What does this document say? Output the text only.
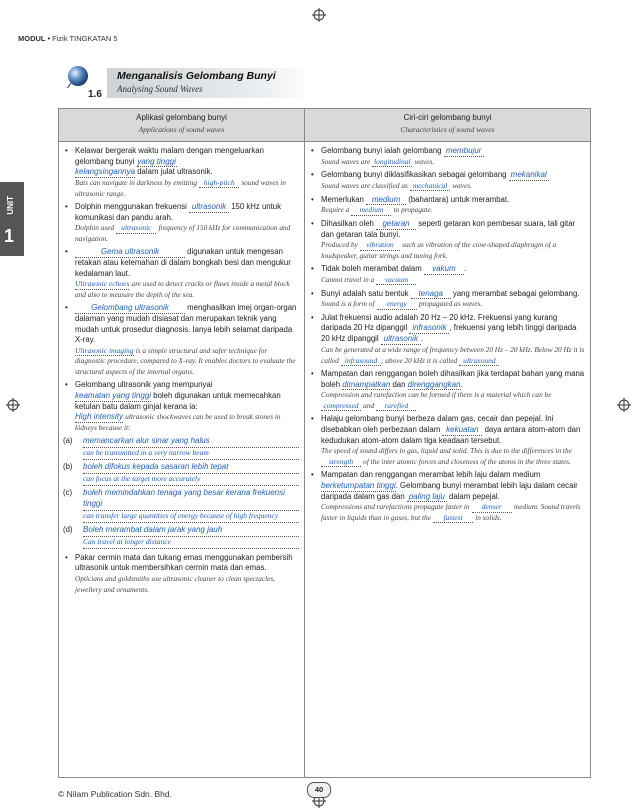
MODUL • Fizik TINGKATAN 5
1.6
Menganalisis Gelombang Bunyi
Analysing Sound Waves
UNIT
1
Aplikasi gelombang bunyi
Applications of sound waves
Ciri-ciri gelombang bunyi
Characteristics of sound waves
• Kelawar bergerak waktu malam dengan mengeluarkan gelombang bunyi yang tinggi
kelangsingannya dalam julat ultrasonik.
Bats can navigate in darkness by emitting high-pitch sound waves in ultrasonic range.
• Dolphin menggunakan frekuensi ultrasonik 150 kHz untuk komunikasi dan pandu arah.
Dolphin used ultrasonic frequency of 150 kHz for communication and navigation.
•	Gema ultrasonik	digunakan untuk mengesan retakan atau kelemahan di dalam bongkah besi dan mengukur kedalaman laut.
Ultrasonic echoes are used to detect cracks or flaws inside a metal block and also to measure the depth of the sea.
•	Gelombang ultrasonik menghasilkan imej organ-organ dalaman yang mudah disiasat dan merupakan teknik yang mudah untuk prosedur diagnosis. Ianya lebih selamat daripada X-ray.
Ultrasonic imaging is a simple structural and safer technique for diagnostic procedure, compared to X-ray. It enables doctors to evaluate the structural aspects of the internal organs.
• Gelombang ultrasonik yang mempunyai
keamatan yang tinggi boleh digunakan untuk memecahkan ketulan batu dalam ginjal kerana ia:
High intensity ultrasonic shockwaves can be used to break stones in kidneys because it:
(a) memancarkan alur sinar yang halus
can be transmitted in a very narrow beam
(b) boleh difokus kepada sasaran lebih tepat
can focus at the target more accurately
(c) boleh memindahkan tenaga yang besar kerana frekuensi tinggi
can transfer large quantities of energy because of high frequency
(d) Boleh merambat dalam jarak yang jauh
Can travel at longer distance
• Pakar cermin mata dan tukang emas menggunakan pembersih ultrasonik untuk membersihkan cermin mata dan emas.
Opticians and goldsmiths use ultrasonic cleaner to clean spectacles, jewellery and ornaments.
• Gelombang bunyi ialah gelombang membujur
Sound waves are longitudinal waves.
• Gelombang bunyi diklasifikasikan sebagai gelombang mekanikal
Sound waves are classified as mechanical waves.
• Memerlukan medium (bahantara) untuk merambat.
Require a medium to propagate.
• Dihasilkan oleh getaran seperti getaran kon pembesar suara, tali gitar dan getaran tala bunyi.
Produced by vibration such as vibration of the cone-shaped diaphragm of a loudspeaker, guitar strings and tuning fork.
• Tidak boleh merambat dalam vakum .
Cannot travel in a vacuum
• Bunyi adalah satu bentuk tenaga yang merambat sebagai gelombang.
Sound is a form of energy propagated as waves.
• Julat frekuensi audio adalah 20 Hz – 20 kHz. Frekuensi yang kurang daripada 20 Hz dipanggil infrasonik , frekuensi yang lebih tinggi daripada 20 kHz dipanggil ultrasonik .
Can be generated at a wide range of frequency between 20 Hz – 20 kHz. Below 20 Hz it is called infrasound ; above 20 kHz it is called ultrasound
• Mampatan dan renggangan boleh dihasilkan jika terdapat bahan yang mana boleh dimampatkan dan direnggangkan.
Compression and rarefaction can be formed if there is a material which can be compressed and rarefied
• Halaju gelombang bunyi berbeza dalam gas, cecair dan pepejal. Ini disebabkan oleh perbezaan dalam kekuatan daya antara atom-atom dan kedudukan atom-atom dalam tiga keadaan tersebut.
The speed of sound differs in gas, liquid and solid. This is due to the differences in the strength of the inter atomic forces and closeness of the atoms in the three states.
• Mampatan dan renggangan merambat lebih laju dalam medium berketumpatan tinggi. Gelombang bunyi merambat lebih laju dalam cecair daripada dalam gas dan paling laju dalam pepejal.
Compressions and rarefactions propagate faster in denser medium. Sound travels faster in liquids than in gases, but the fastest in solids.
© Nilam Publication Sdn. Bhd.	40
